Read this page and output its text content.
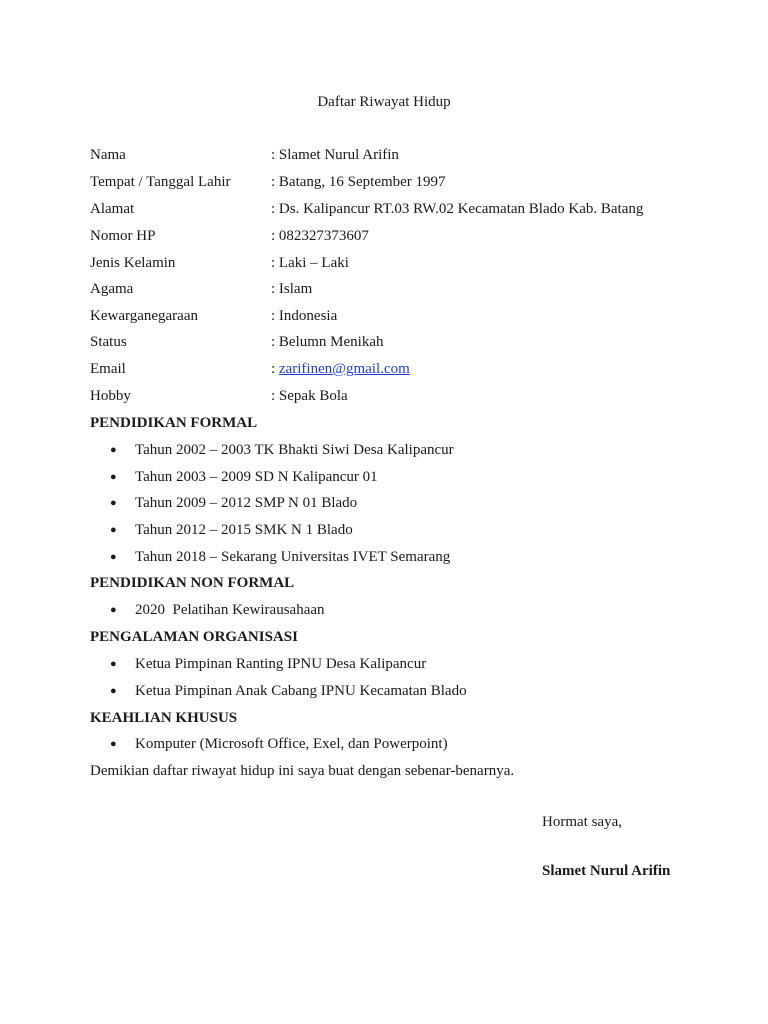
Daftar Riwayat Hidup
Nama	: Slamet Nurul Arifin
Tempat / Tanggal Lahir	: Batang, 16 September 1997
Alamat	: Ds. Kalipancur RT.03 RW.02 Kecamatan Blado Kab. Batang
Nomor HP	: 082327373607
Jenis Kelamin	: Laki – Laki
Agama	: Islam
Kewarganegaraan	: Indonesia
Status	: Belumn Menikah
Email	: zarifinen@gmail.com
Hobby	: Sepak Bola
PENDIDIKAN FORMAL
●	Tahun 2002 – 2003 TK Bhakti Siwi Desa Kalipancur
●	Tahun 2003 – 2009 SD N Kalipancur 01
●	Tahun 2009 – 2012 SMP N 01 Blado
●	Tahun 2012 – 2015 SMK N 1 Blado
●	Tahun 2018 – Sekarang Universitas IVET Semarang
PENDIDIKAN NON FORMAL
●	2020  Pelatihan Kewirausahaan
PENGALAMAN ORGANISASI
●	Ketua Pimpinan Ranting IPNU Desa Kalipancur
●	Ketua Pimpinan Anak Cabang IPNU Kecamatan Blado
KEAHLIAN KHUSUS
●	Komputer (Microsoft Office, Exel, dan Powerpoint)
Demikian daftar riwayat hidup ini saya buat dengan sebenar-benarnya.
Hormat saya,
Slamet Nurul Arifin
